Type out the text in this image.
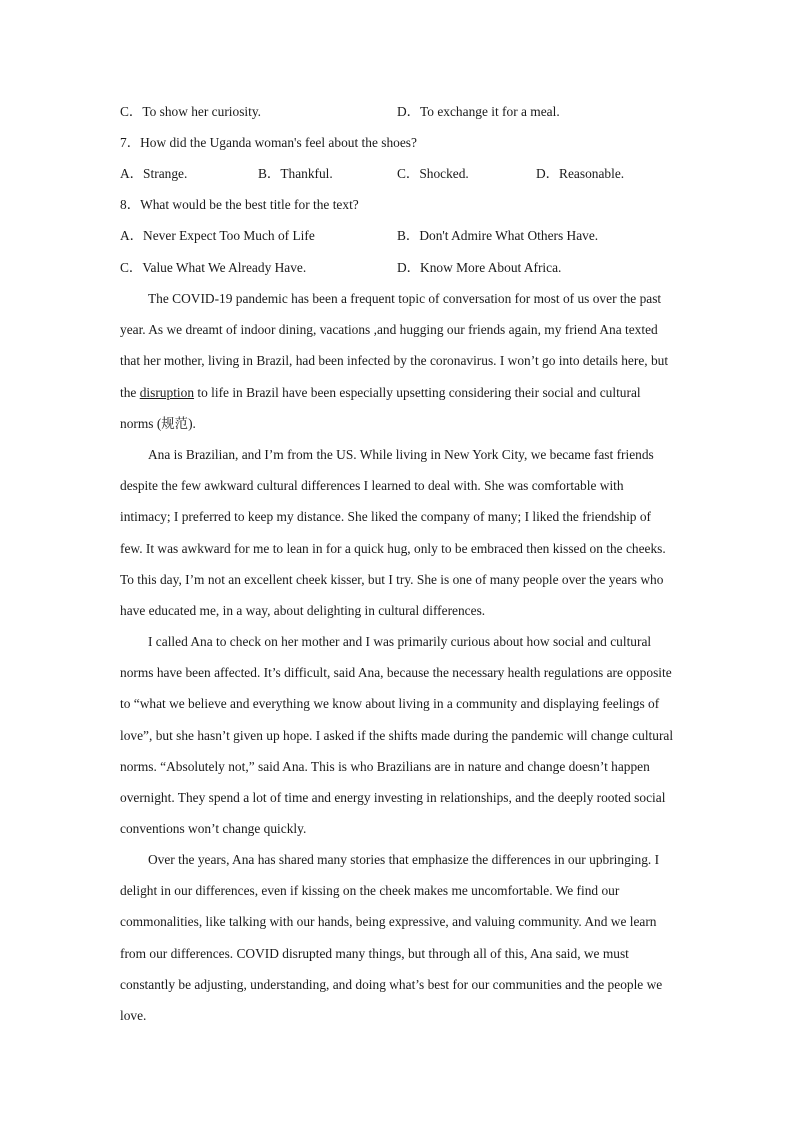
C．To show her curiosity.	D．To exchange it for a meal.
7．How did the Uganda woman's feel about the shoes?
A．Strange.	B．Thankful.	C．Shocked.	D．Reasonable.
8．What would be the best title for the text?
A．Never Expect Too Much of Life	B．Don't Admire What Others Have.
C．Value What We Already Have.	D．Know More About Africa.

The COVID-19 pandemic has been a frequent topic of conversation for most of us over the past year. As we dreamt of indoor dining, vacations ,and hugging our friends again, my friend Ana texted that her mother, living in Brazil, had been infected by the coronavirus. I won’t go into details here, but the disruption to life in Brazil have been especially upsetting considering their social and cultural norms (规范).

Ana is Brazilian, and I’m from the US. While living in New York City, we became fast friends despite the few awkward cultural differences I learned to deal with. She was comfortable with intimacy; I preferred to keep my distance. She liked the company of many; I liked the friendship of few. It was awkward for me to lean in for a quick hug, only to be embraced then kissed on the cheeks. To this day, I’m not an excellent cheek kisser, but I try. She is one of many people over the years who have educated me, in a way, about delighting in cultural differences.

I called Ana to check on her mother and I was primarily curious about how social and cultural norms have been affected. It’s difficult, said Ana, because the necessary health regulations are opposite to “what we believe and everything we know about living in a community and displaying feelings of love”, but she hasn’t given up hope. I asked if the shifts made during the pandemic will change cultural norms. “Absolutely not,” said Ana. This is who Brazilians are in nature and change doesn’t happen overnight. They spend a lot of time and energy investing in relationships, and the deeply rooted social conventions won’t change quickly.

Over the years, Ana has shared many stories that emphasize the differences in our upbringing. I delight in our differences, even if kissing on the cheek makes me uncomfortable. We find our commonalities, like talking with our hands, being expressive, and valuing community. And we learn from our differences. COVID disrupted many things, but through all of this, Ana said, we must constantly be adjusting, understanding, and doing what’s best for our communities and the people we love.
